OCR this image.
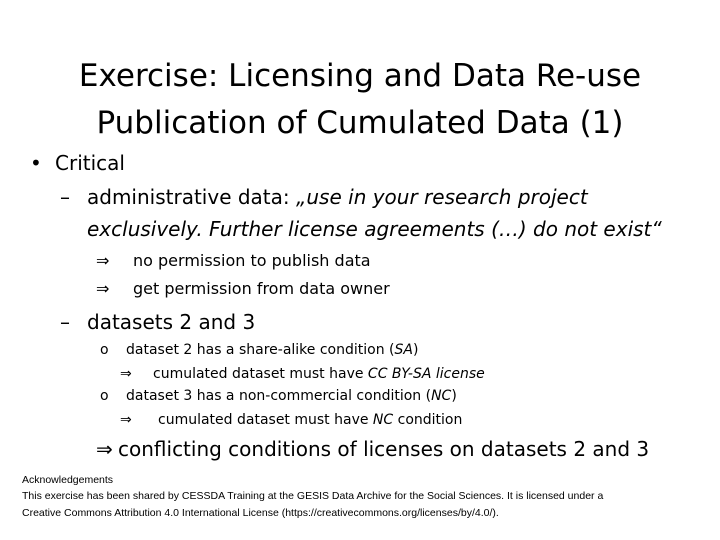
Exercise: Licensing and Data Re-use
Publication of Cumulated Data (1)
• Critical
– administrative data: „use in your research project
exclusively. Further license agreements (…) do not exist“
⇒ no permission to publish data
⇒ get permission from data owner
– datasets 2 and 3
o dataset 2 has a share-alike condition (SA)
⇒ cumulated dataset must have CC BY-SA license
o dataset 3 has a non-commercial condition (NC)
⇒ cumulated dataset must have NC condition
⇒ conflicting conditions of licenses on datasets 2 and 3
Acknowledgements
This exercise has been shared by CESSDA Training at the GESIS Data Archive for the Social Sciences. It is licensed under a
Creative Commons Attribution 4.0 International License (https://creativecommons.org/licenses/by/4.0/).
